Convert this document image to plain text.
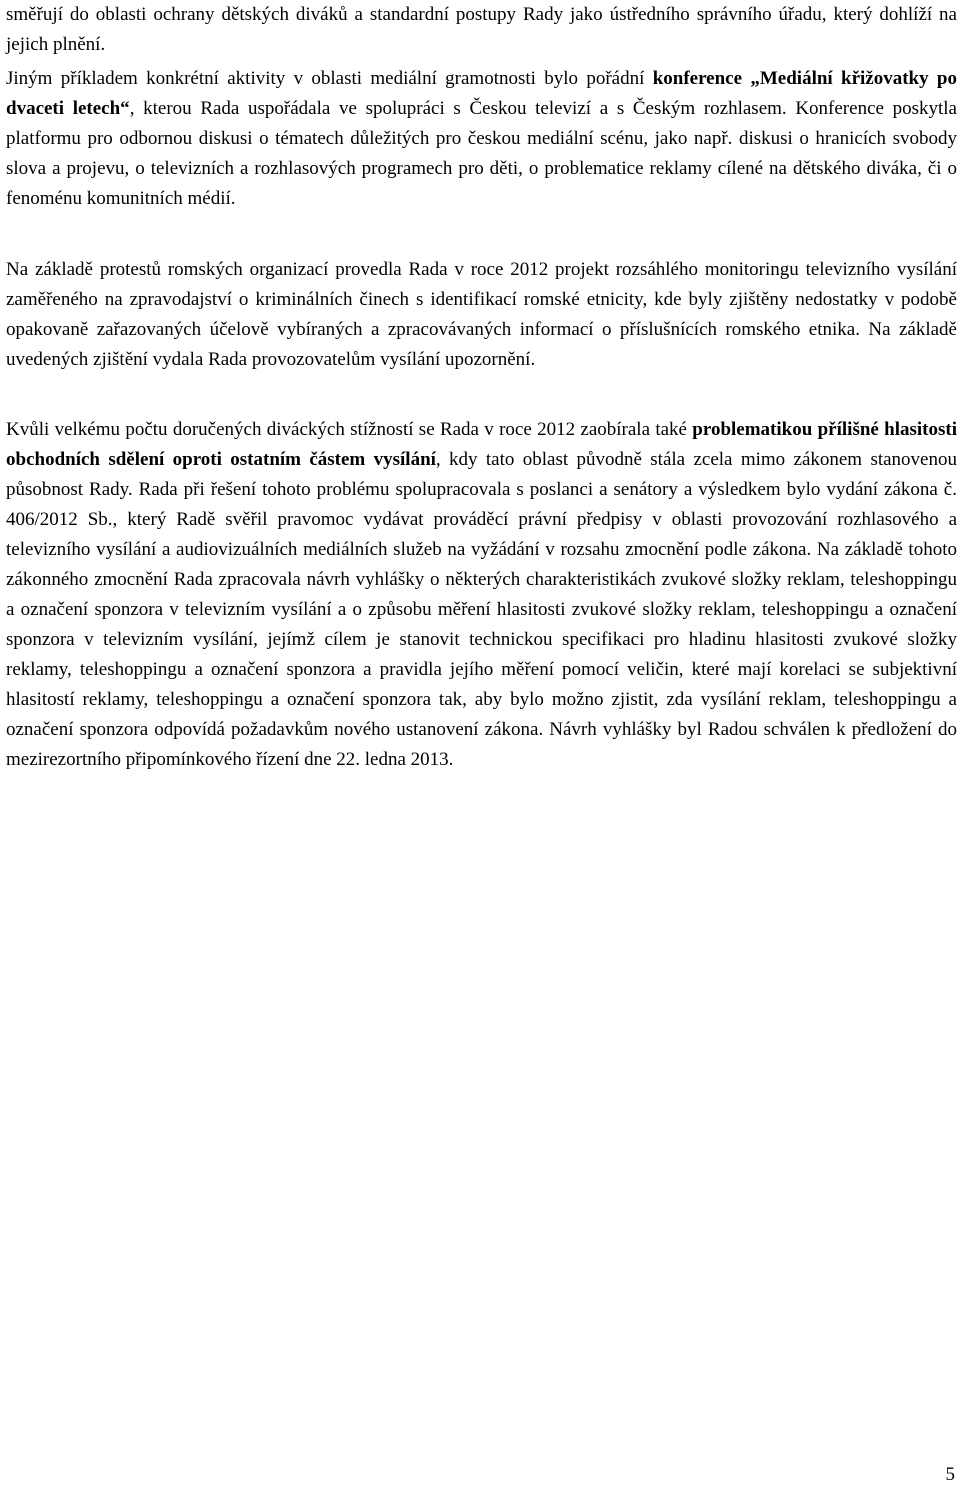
směřují do oblasti ochrany dětských diváků a standardní postupy Rady jako ústředního správního úřadu, který dohlíží na jejich plnění.

Jiným příkladem konkrétní aktivity v oblasti mediální gramotnosti bylo pořádní konference „Mediální křižovatky po dvaceti letech“, kterou Rada uspořádala ve spolupráci s Českou televizí a s Českým rozhlasem. Konference poskytla platformu pro odbornou diskusi o tématech důležitých pro českou mediální scénu, jako např. diskusi o hranicích svobody slova a projevu, o televizních a rozhlasových programech pro děti, o problematice reklamy cílené na dětského diváka, či o fenoménu komunitních médií.

Na základě protestů romských organizací provedla Rada v roce 2012 projekt rozsáhlého monitoringu televizního vysílání zaměřeného na zpravodajství o kriminálních činech s identifikací romské etnicity, kde byly zjištěny nedostatky v podobě opakovaně zařazovaných účelově vybíraných a zpracovávaných informací o příslušnících romského etnika. Na základě uvedených zjištění vydala Rada provozovatelům vysílání upozornění.

Kvůli velkému počtu doručených diváckých stížností se Rada v roce 2012 zaobírala také problematikou přílišné hlasitosti obchodních sdělení oproti ostatním částem vysílání, kdy tato oblast původně stála zcela mimo zákonem stanovenou působnost Rady. Rada při řešení tohoto problému spolupracovala s poslanci a senátory a výsledkem bylo vydání zákona č. 406/2012 Sb., který Radě svěřil pravomoc vydávat prováděcí právní předpisy v oblasti provozování rozhlasového a televizního vysílání a audiovizuálních mediálních služeb na vyžádání v rozsahu zmocnění podle zákona. Na základě tohoto zákonného zmocnění Rada zpracovala návrh vyhlášky o některých charakteristikách zvukové složky reklam, teleshoppingu a označení sponzora v televizním vysílání a o způsobu měření hlasitosti zvukové složky reklam, teleshoppingu a označení sponzora v televizním vysílání, jejímž cílem je stanovit technickou specifikaci pro hladinu hlasitosti zvukové složky reklamy, teleshoppingu a označení sponzora a pravidla jejího měření pomocí veličin, které mají korelaci se subjektivní hlasitostí reklamy, teleshoppingu a označení sponzora tak, aby bylo možno zjistit, zda vysílání reklam, teleshoppingu a označení sponzora odpovídá požadavkům nového ustanovení zákona. Návrh vyhlášky byl Radou schválen k předložení do mezirezortního připomínkového řízení dne 22. ledna 2013.

5
